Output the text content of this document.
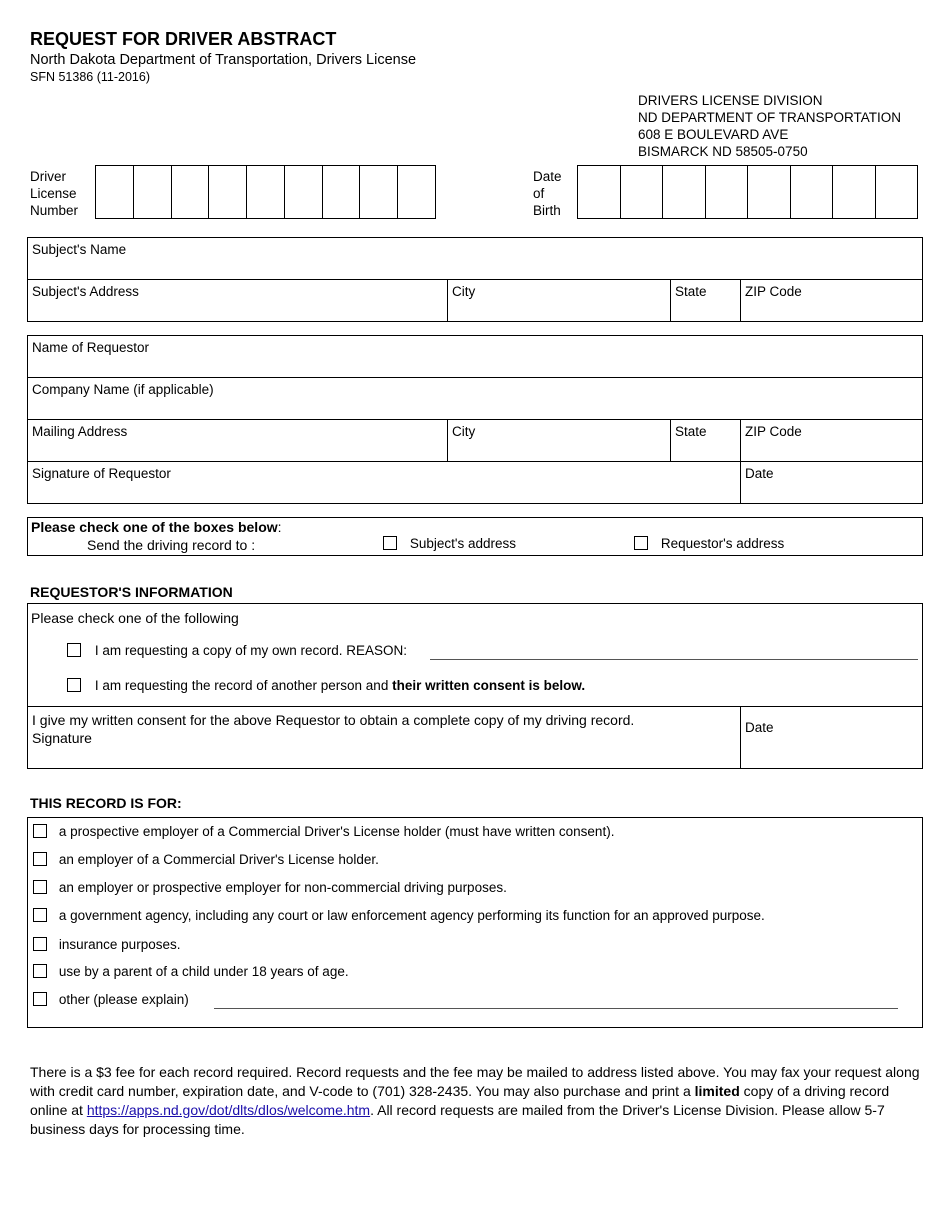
REQUEST FOR DRIVER ABSTRACT
North Dakota Department of Transportation, Drivers License
SFN 51386 (11-2016)
DRIVERS LICENSE DIVISION
ND DEPARTMENT OF TRANSPORTATION
608 E BOULEVARD AVE
BISMARCK ND 58505-0750
Driver
License
Number
Date
of
Birth
Subject's Name
Subject's Address	City	State	ZIP Code
Name of Requestor
Company Name (if applicable)
Mailing Address	City	State	ZIP Code
Signature of Requestor	Date
Please check one of the boxes below:
Send the driving record to :	Subject's address	Requestor's address
REQUESTOR'S INFORMATION
Please check one of the following
I am requesting a copy of my own record. REASON:
I am requesting the record of another person and their written consent is below.
I give my written consent for the above Requestor to obtain a complete copy of my driving record.
Signature
Date
THIS RECORD IS FOR:
a prospective employer of a Commercial Driver's License holder (must have written consent).
an employer of a Commercial Driver's License holder.
an employer or prospective employer for non-commercial driving purposes.
a government agency, including any court or law enforcement agency performing its function for an approved purpose.
insurance purposes.
use by a parent of a child under 18 years of age.
other (please explain)
There is a $3 fee for each record required. Record requests and the fee may be mailed to address listed above. You may fax your request along with credit card number, expiration date, and V-code to (701) 328-2435. You may also purchase and print a limited copy of a driving record online at https://apps.nd.gov/dot/dlts/dlos/welcome.htm. All record requests are mailed from the Driver's License Division. Please allow 5-7 business days for processing time.
